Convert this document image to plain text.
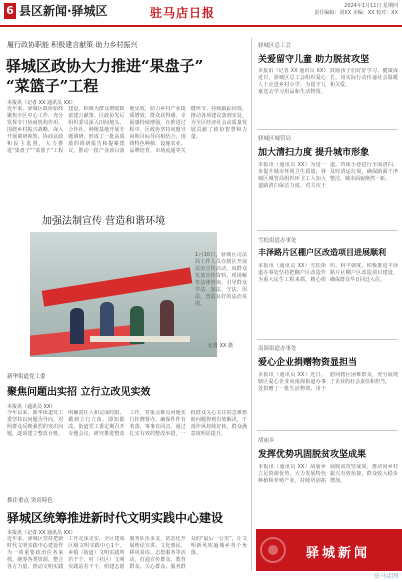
6 县区新闻·驿城区	驻马店日报	2024年1月11日 星期四
责任编辑：刘XX 美编：XX 校对：XX
履行政协职能 积极建言献策 助力乡村振兴
驿城区政协大力推进“果盘子”
“菜篮子”工程
本报讯（记者 XX 通讯员 XX）
近年来，驿城区政协始终聚焦全区中心工作，充分发挥专门协商机构作用，围绕乡村振兴战略，深入开展调研视察、协商议政和民主监督，大力推进“果盘子”“菜篮子”工程建设，积极为群众增收致富建言献策。区政协先后组织委员深入田间地头、合作社、种植基地开展专题调研，形成了一批高质量的调研报告和提案建议，推动一批产业项目落地见效，助力乡村产业提质增效，群众获得感、幸福感持续增强。在推进过程中，区政协坚持问题导向和目标导向相结合，围绕特色种植、设施农业、品牌培育、市场流通等关键环节，持续跟踪问效，推动各项建议落到实处，为全区经济社会高质量发展贡献了政协智慧和力量。
加强法制宣传 营造和谐环境
1月10日，驿城区司法局工作人员在辖区开展法治宣传活动，向群众发放宣传资料，现场解答法律咨询，引导群众学法、知法、守法、用法，营造良好的法治氛围。
记者 XX 摄
新华街道党工委
聚焦问题出实招 立行立改见实效
本报讯（通讯员 XX）
今年以来，新华街道党工委坚持以问题为导向，对照群众反映强烈的突出问题，逐项建立整改台账，明确责任人和完成时限，做到立行立改、即知即改。街道党工委定期召开专题会议，研究推进整改工作，对重点难点问题实行挂牌督办，确保件件有着落、事事有回音。通过扎实有效的整改举措，一批群众关心关注的急难愁盼问题得到有效解决，干部作风持续好转，群众满意度明显提升。
抓住重点 突出特色
驿城区统筹推进新时代文明实践中心建设
本报讯（记者 XX 通讯员 XX）
近年来，驿城区坚持把新时代文明实践中心建设作为一项重要政治任务来抓，统筹各类资源，整合各方力量，推动文明实践工作走深走实。全区建成区级文明实践中心1个、乡镇（街道）文明实践所若干个、村（社区）文明实践站若干个，组建志愿服务队伍多支，常态化开展理论宣讲、文化惠民、移风易俗、志愿服务等活动，打通宣传群众、教育群众、关心群众、服务群众的“最后一公里”，让文明新风吹遍城乡各个角落。
驿城区总工会
关爱留守儿童 助力脱贫攻坚
本报讯（记者 XX 通讯员 XX）近日，驿城区总工会组织爱心人士走进乡村小学，为留守儿童送去学习用品和生活物资，鼓励孩子们好好学习、健康成长，用实际行动传递社会温暖和关爱。
驿城区城管局
加大清扫力度 提升城市形象
本报讯（通讯员 XX）为进一步提升城市环境卫生质量，驿城区城管局组织环卫工人加大道路清扫保洁力度，对主次干道、背街小巷进行全面清扫，及时清运垃圾，确保路面干净整洁，城市面貌焕然一新。
雪松街道办事处
丰泽路片区棚户区改造项目进展顺利
本报讯（通讯员 XX）雪松街道办事处坚持把棚户区改造作为重大民生工程来抓，精心组织、科学调度，积极推进丰泽路片区棚户区改造项目建设，确保群众早日回迁入住。
南海街道办事处
爱心企业捐赠物资显担当
本报讯（通讯员 XX）近日，辖区爱心企业向南海街道办事处捐赠了一批生活物资，用于慰问辖区困难群众，充分展现了企业的社会责任和担当。
胡庙乡
发挥优势巩固脱贫攻坚成果
本报讯（通讯员 XX）胡庙乡立足资源优势，大力发展特色种植和养殖产业，持续巩固拓展脱贫攻坚成果，推动同乡村振兴有效衔接，群众收入稳步增加。
驿城新闻
驻马店网
